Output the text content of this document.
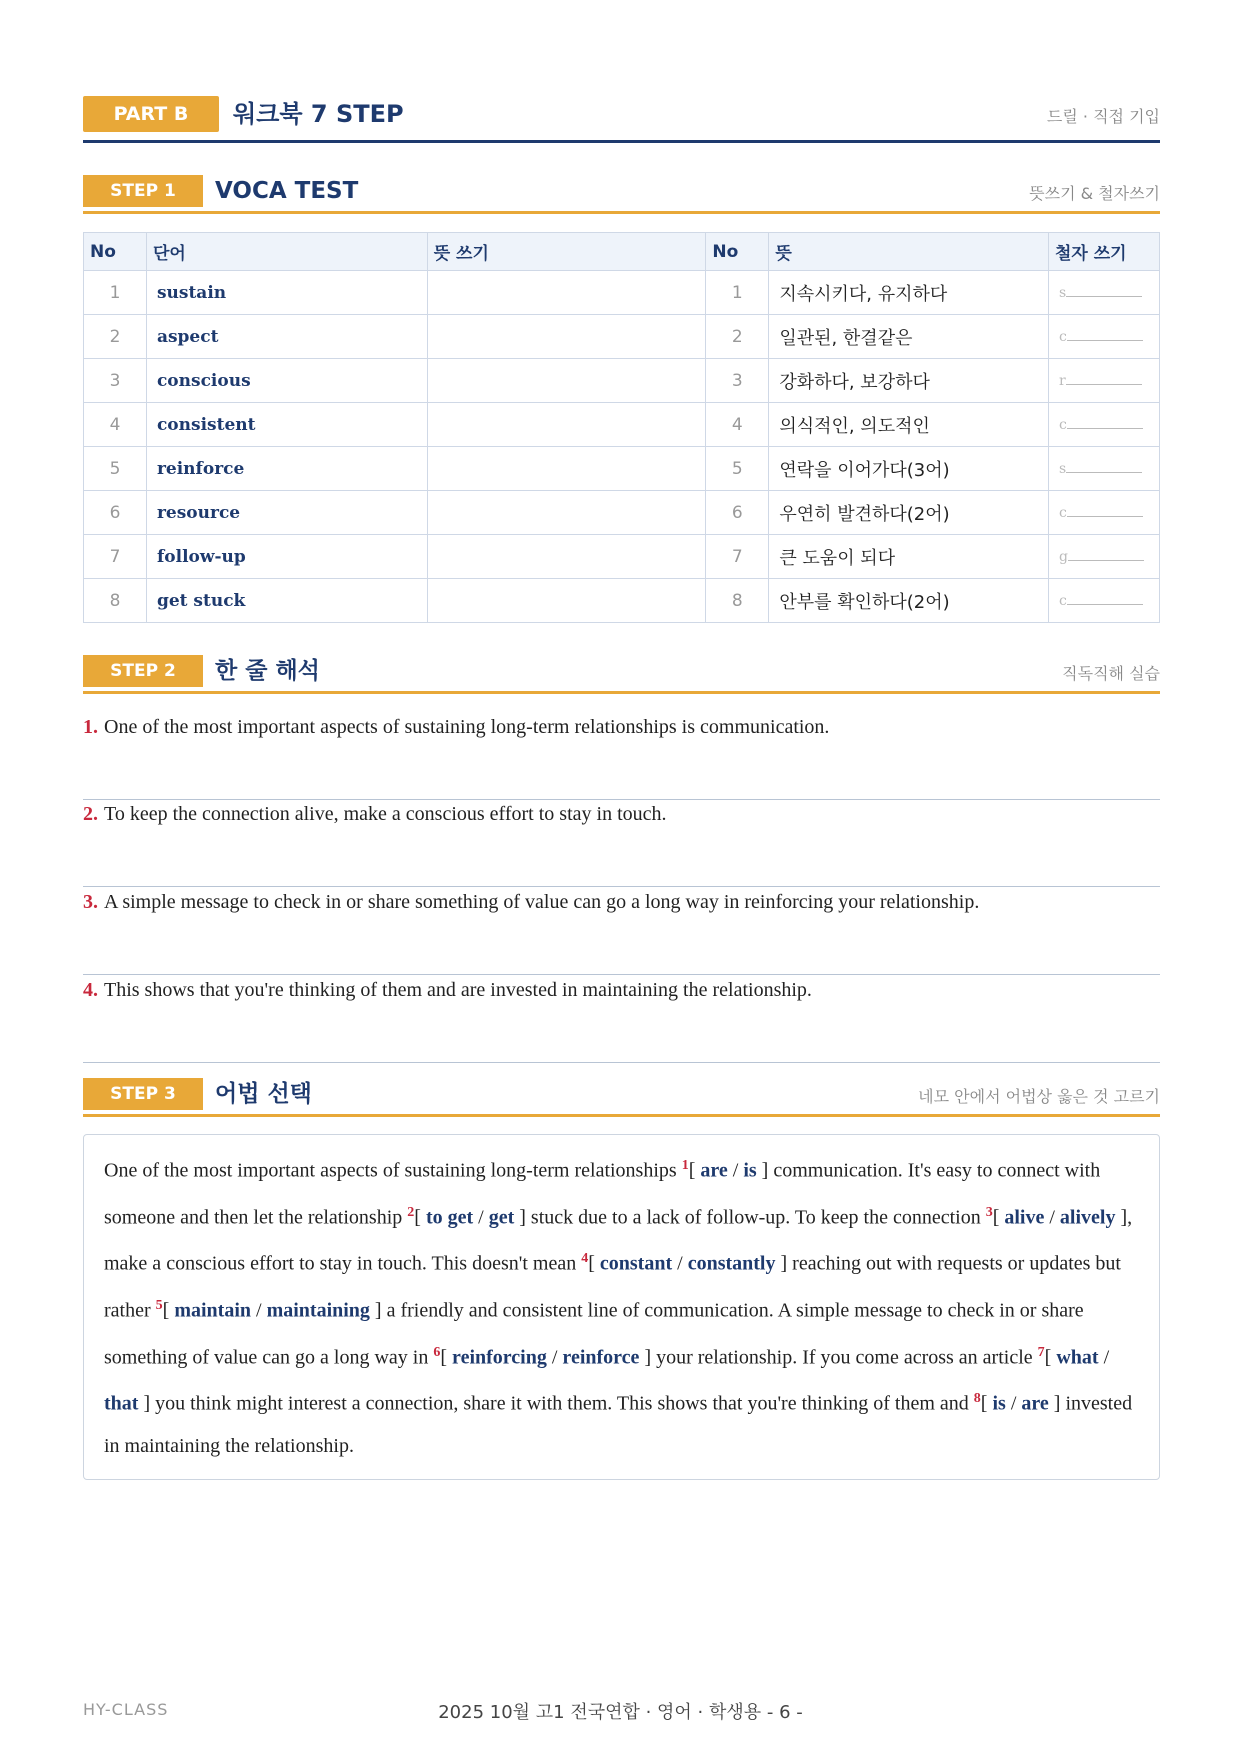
PART B	워크북 7 STEP	드릴 · 직접 기입
STEP 1	VOCA TEST	뜻쓰기 & 철자쓰기
No	단어	뜻 쓰기	No	뜻	철자 쓰기
1	sustain		1	지속시키다, 유지하다	s
2	aspect		2	일관된, 한결같은	c
3	conscious		3	강화하다, 보강하다	r
4	consistent		4	의식적인, 의도적인	c
5	reinforce		5	연락을 이어가다(3어)	s
6	resource		6	우연히 발견하다(2어)	c
7	follow-up		7	큰 도움이 되다	g
8	get stuck		8	안부를 확인하다(2어)	c
STEP 2	한 줄 해석	직독직해 실습
1. One of the most important aspects of sustaining long-term relationships is communication.
2. To keep the connection alive, make a conscious effort to stay in touch.
3. A simple message to check in or share something of value can go a long way in reinforcing your relationship.
4. This shows that you're thinking of them and are invested in maintaining the relationship.
STEP 3	어법 선택	네모 안에서 어법상 옳은 것 고르기
One of the most important aspects of sustaining long-term relationships $^1$[ are / is ] communication. It's easy to connect with someone and then let the relationship $^2$[ to get / get ] stuck due to a lack of follow-up. To keep the connection $^3$[ alive / alively ], make a conscious effort to stay in touch. This doesn't mean $^4$[ constant / constantly ] reaching out with requests or updates but rather $^5$[ maintain / maintaining ] a friendly and consistent line of communication. A simple message to check in or share something of value can go a long way in $^6$[ reinforcing / reinforce ] your relationship. If you come across an article $^7$[ what / that ] you think might interest a connection, share it with them. This shows that you're thinking of them and $^8$[ is / are ] invested in maintaining the relationship.
HY-CLASS	2025 10월 고1 전국연합 · 영어 · 학생용 - 6 -
